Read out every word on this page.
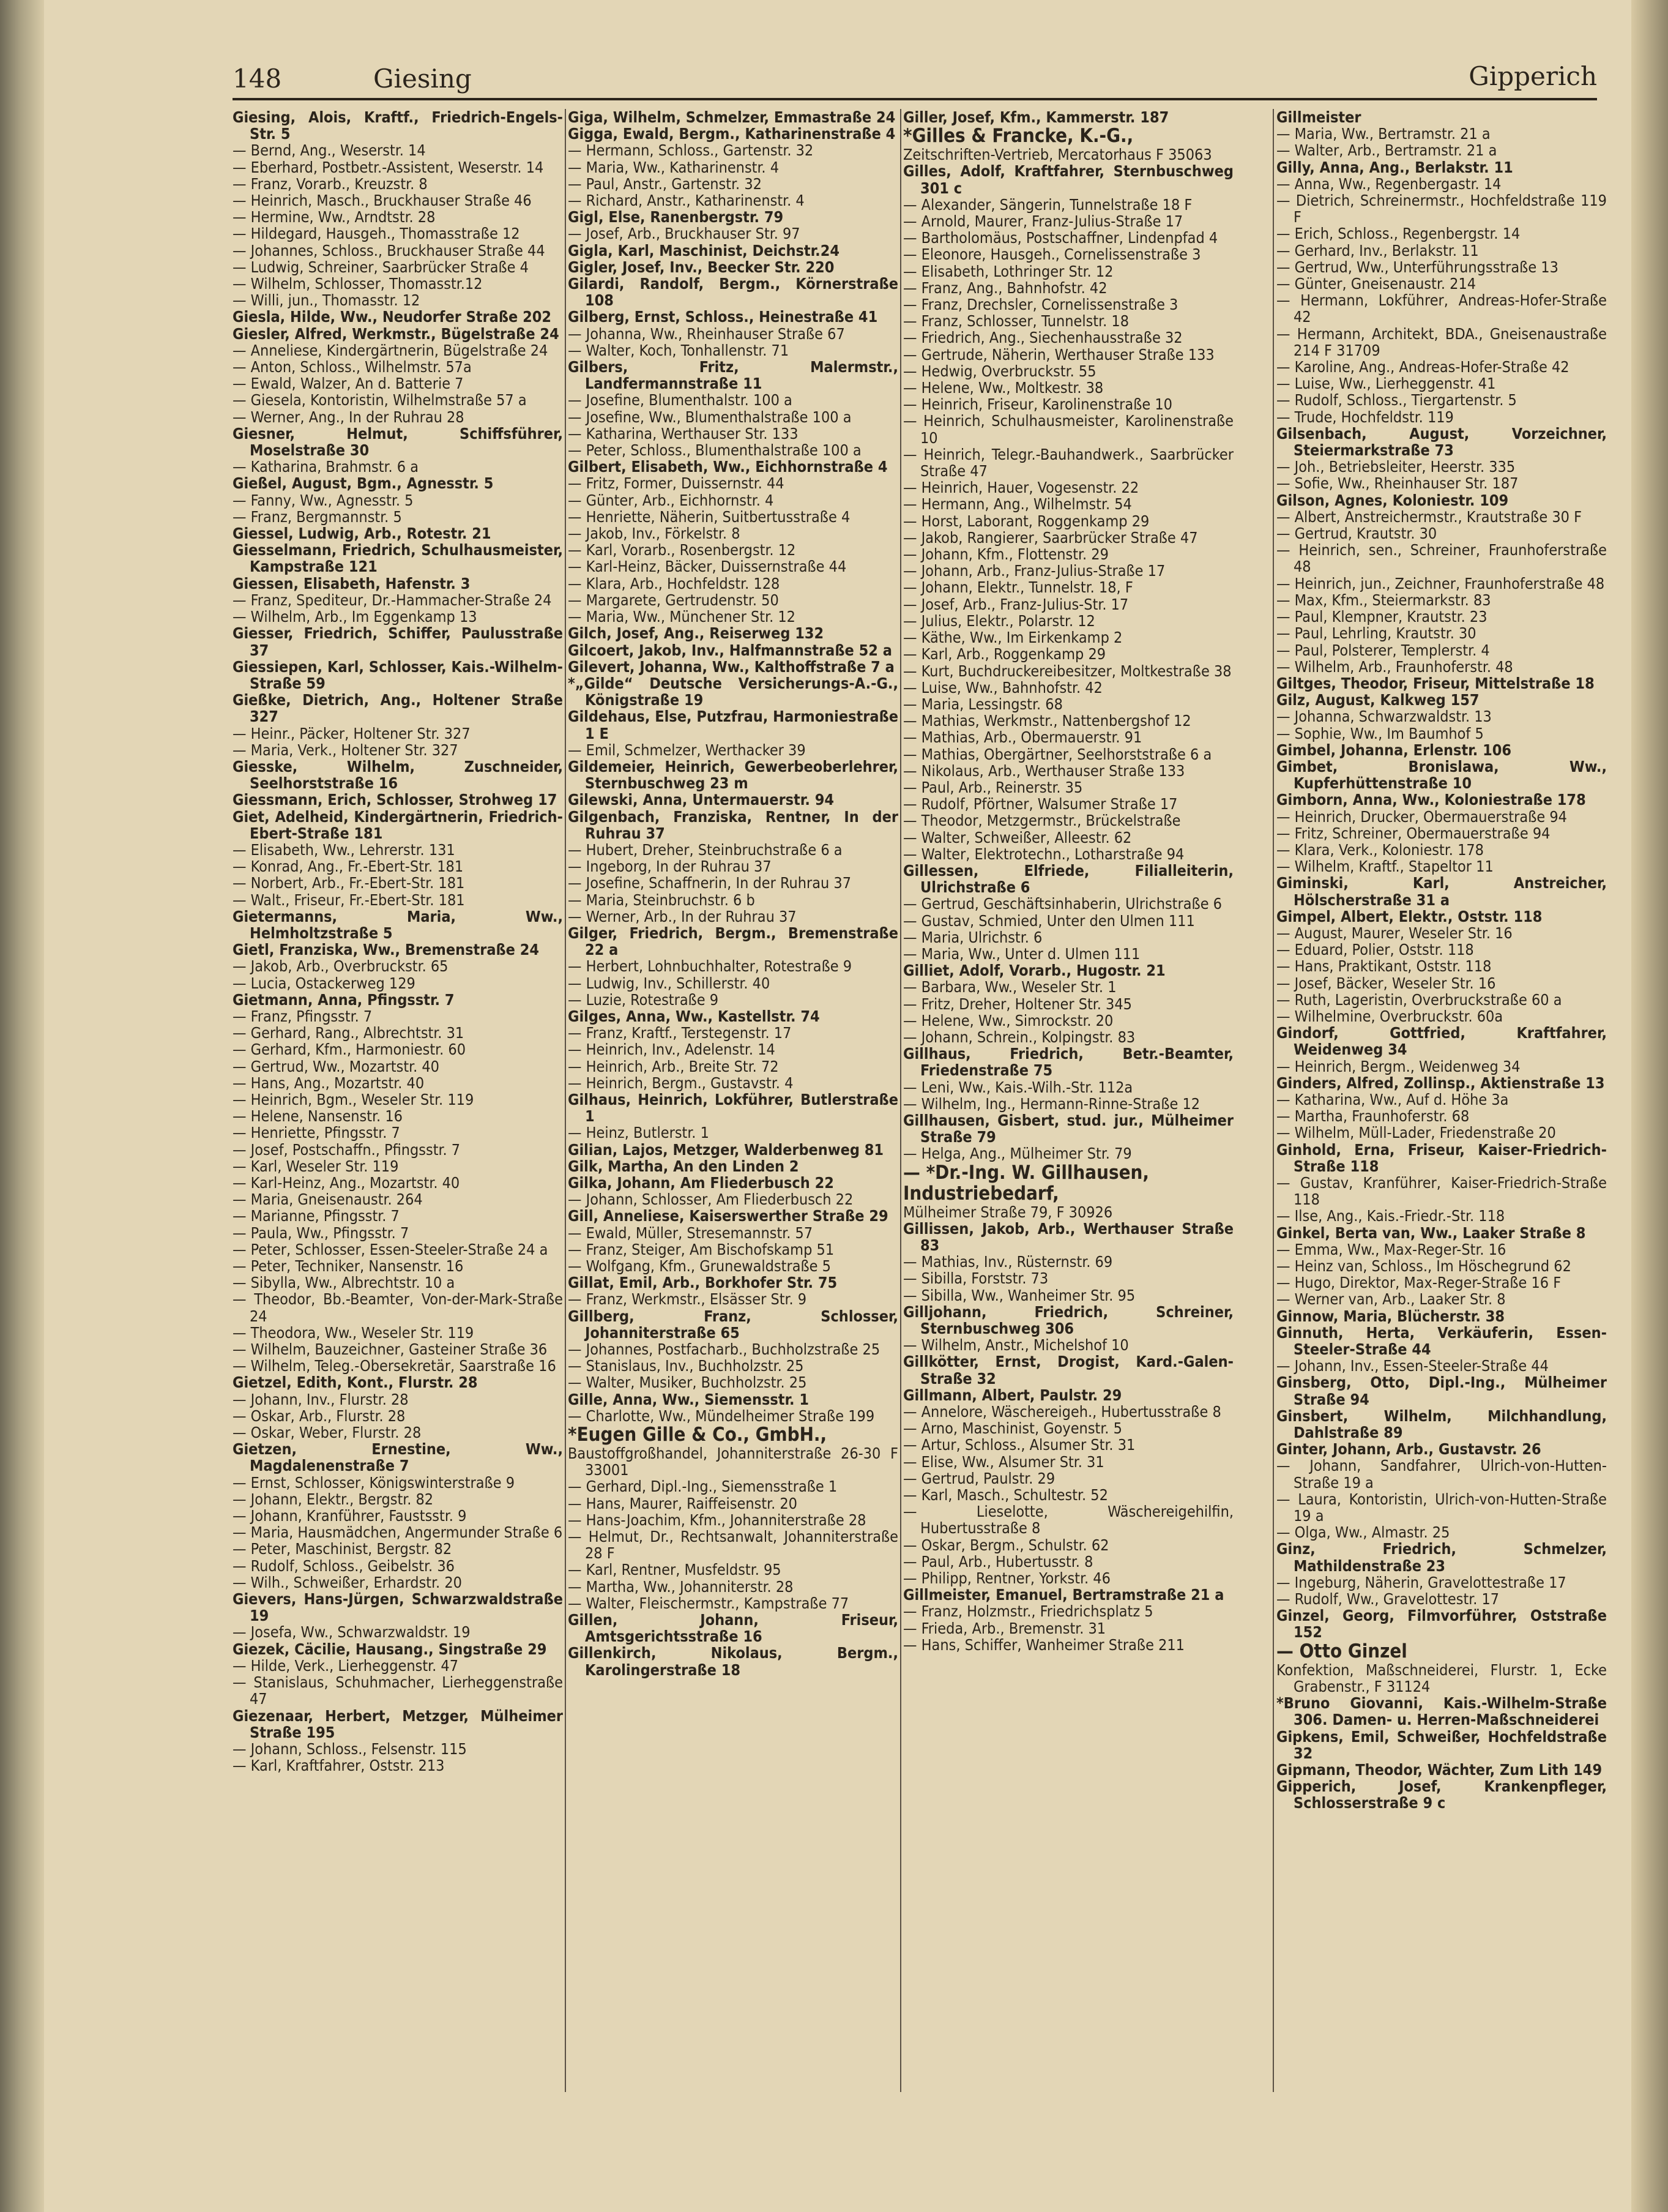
148	Giesing	Gipperich
Giesing, Alois, Kraftf., Friedrich-Engels-Str. 5
— Bernd, Ang., Weserstr. 14
— Eberhard, Postbetr.-Assistent, Weserstr. 14
— Franz, Vorarb., Kreuzstr. 8
— Heinrich, Masch., Bruckhauser Straße 46
— Hermine, Ww., Arndtstr. 28
— Hildegard, Hausgeh., Thomasstraße 12
— Johannes, Schloss., Bruckhauser Straße 44
— Ludwig, Schreiner, Saarbrücker Straße 4
— Wilhelm, Schlosser, Thomasstr.12
— Willi, jun., Thomasstr. 12
Giesla, Hilde, Ww., Neudorfer Straße 202
Giesler, Alfred, Werkmstr., Bügelstraße 24
— Anneliese, Kindergärtnerin, Bügelstraße 24
— Anton, Schloss., Wilhelmstr. 57a
— Ewald, Walzer, An d. Batterie 7
— Giesela, Kontoristin, Wilhelmstraße 57 a
— Werner, Ang., In der Ruhrau 28
Giesner, Helmut, Schiffsführer, Moselstraße 30
— Katharina, Brahmstr. 6 a
Gießel, August, Bgm., Agnesstr. 5
— Fanny, Ww., Agnesstr. 5
— Franz, Bergmannstr. 5
Giessel, Ludwig, Arb., Rotestr. 21
Giesselmann, Friedrich, Schulhausmeister, Kampstraße 121
Giessen, Elisabeth, Hafenstr. 3
— Franz, Spediteur, Dr.-Hammacher-Straße 24
— Wilhelm, Arb., Im Eggenkamp 13
Giesser, Friedrich, Schiffer, Paulusstraße 37
Giessiepen, Karl, Schlosser, Kais.-Wilhelm-Straße 59
Gießke, Dietrich, Ang., Holtener Straße 327
— Heinr., Päcker, Holtener Str. 327
— Maria, Verk., Holtener Str. 327
Giesske, Wilhelm, Zuschneider, Seelhorststraße 16
Giessmann, Erich, Schlosser, Strohweg 17
Giet, Adelheid, Kindergärtnerin, Friedrich-Ebert-Straße 181
— Elisabeth, Ww., Lehrerstr. 131
— Konrad, Ang., Fr.-Ebert-Str. 181
— Norbert, Arb., Fr.-Ebert-Str. 181
— Walt., Friseur, Fr.-Ebert-Str. 181
Gietermanns, Maria, Ww., Helmholtzstraße 5
Gietl, Franziska, Ww., Bremenstraße 24
— Jakob, Arb., Overbruckstr. 65
— Lucia, Ostackerweg 129
Gietmann, Anna, Pfingsstr. 7
— Franz, Pfingsstr. 7
— Gerhard, Rang., Albrechtstr. 31
— Gerhard, Kfm., Harmoniestr. 60
— Gertrud, Ww., Mozartstr. 40
— Hans, Ang., Mozartstr. 40
— Heinrich, Bgm., Weseler Str. 119
— Helene, Nansenstr. 16
— Henriette, Pfingsstr. 7
— Josef, Postschaffn., Pfingsstr. 7
— Karl, Weseler Str. 119
— Karl-Heinz, Ang., Mozartstr. 40
— Maria, Gneisenaustr. 264
— Marianne, Pfingsstr. 7
— Paula, Ww., Pfingsstr. 7
— Peter, Schlosser, Essen-Steeler-Straße 24 a
— Peter, Techniker, Nansenstr. 16
— Sibylla, Ww., Albrechtstr. 10 a
— Theodor, Bb.-Beamter, Von-der-Mark-Straße 24
— Theodora, Ww., Weseler Str. 119
— Wilhelm, Bauzeichner, Gasteiner Straße 36
— Wilhelm, Teleg.-Obersekretär, Saarstraße 16
Gietzel, Edith, Kont., Flurstr. 28
— Johann, Inv., Flurstr. 28
— Oskar, Arb., Flurstr. 28
— Oskar, Weber, Flurstr. 28
Gietzen, Ernestine, Ww., Magdalenenstraße 7
— Ernst, Schlosser, Königswinterstraße 9
— Johann, Elektr., Bergstr. 82
— Johann, Kranführer, Faustsstr. 9
— Maria, Hausmädchen, Angermunder Straße 6
— Peter, Maschinist, Bergstr. 82
— Rudolf, Schloss., Geibelstr. 36
— Wilh., Schweißer, Erhardstr. 20
Gievers, Hans-Jürgen, Schwarzwaldstraße 19
— Josefa, Ww., Schwarzwaldstr. 19
Giezek, Cäcilie, Hausang., Singstraße 29
— Hilde, Verk., Lierheggenstr. 47
— Stanislaus, Schuhmacher, Lierheggenstraße 47
Giezenaar, Herbert, Metzger, Mülheimer Straße 195
— Johann, Schloss., Felsenstr. 115
— Karl, Kraftfahrer, Oststr. 213
Giga, Wilhelm, Schmelzer, Emmastraße 24
Gigga, Ewald, Bergm., Katharinenstraße 4
— Hermann, Schloss., Gartenstr. 32
— Maria, Ww., Katharinenstr. 4
— Paul, Anstr., Gartenstr. 32
— Richard, Anstr., Katharinenstr. 4
Gigl, Else, Ranenbergstr. 79
— Josef, Arb., Bruckhauser Str. 97
Gigla, Karl, Maschinist, Deichstr.24
Gigler, Josef, Inv., Beecker Str. 220
Gilardi, Randolf, Bergm., Körnerstraße 108
Gilberg, Ernst, Schloss., Heinestraße 41
— Johanna, Ww., Rheinhauser Straße 67
— Walter, Koch, Tonhallenstr. 71
Gilbers, Fritz, Malermstr., Landfermannstraße 11
— Josefine, Blumenthalstr. 100 a
— Josefine, Ww., Blumenthalstraße 100 a
— Katharina, Werthauser Str. 133
— Peter, Schloss., Blumenthalstraße 100 a
Gilbert, Elisabeth, Ww., Eichhornstraße 4
— Fritz, Former, Duissernstr. 44
— Günter, Arb., Eichhornstr. 4
— Henriette, Näherin, Suitbertusstraße 4
— Jakob, Inv., Förkelstr. 8
— Karl, Vorarb., Rosenbergstr. 12
— Karl-Heinz, Bäcker, Duissernstraße 44
— Klara, Arb., Hochfeldstr. 128
— Margarete, Gertrudenstr. 50
— Maria, Ww., Münchener Str. 12
Gilch, Josef, Ang., Reiserweg 132
Gilcoert, Jakob, Inv., Halfmannstraße 52 a
Gilevert, Johanna, Ww., Kalthoffstraße 7 a
*„Gilde“ Deutsche Versicherungs-A.-G., Königstraße 19
Gildehaus, Else, Putzfrau, Harmoniestraße 1 E
— Emil, Schmelzer, Werthacker 39
Gildemeier, Heinrich, Gewerbeoberlehrer, Sternbuschweg 23 m
Gilewski, Anna, Untermauerstr. 94
Gilgenbach, Franziska, Rentner, In der Ruhrau 37
— Hubert, Dreher, Steinbruchstraße 6 a
— Ingeborg, In der Ruhrau 37
— Josefine, Schaffnerin, In der Ruhrau 37
— Maria, Steinbruchstr. 6 b
— Werner, Arb., In der Ruhrau 37
Gilger, Friedrich, Bergm., Bremenstraße 22 a
— Herbert, Lohnbuchhalter, Rotestraße 9
— Ludwig, Inv., Schillerstr. 40
— Luzie, Rotestraße 9
Gilges, Anna, Ww., Kastellstr. 74
— Franz, Kraftf., Terstegenstr. 17
— Heinrich, Inv., Adelenstr. 14
— Heinrich, Arb., Breite Str. 72
— Heinrich, Bergm., Gustavstr. 4
Gilhaus, Heinrich, Lokführer, Butlerstraße 1
— Heinz, Butlerstr. 1
Gilian, Lajos, Metzger, Walderbenweg 81
Gilk, Martha, An den Linden 2
Gilka, Johann, Am Fliederbusch 22
— Johann, Schlosser, Am Fliederbusch 22
Gill, Anneliese, Kaiserswerther Straße 29
— Ewald, Müller, Stresemannstr. 57
— Franz, Steiger, Am Bischofskamp 51
— Wolfgang, Kfm., Grunewaldstraße 5
Gillat, Emil, Arb., Borkhofer Str. 75
— Franz, Werkmstr., Elsässer Str. 9
Gillberg, Franz, Schlosser, Johanniterstraße 65
— Johannes, Postfacharb., Buchholzstraße 25
— Stanislaus, Inv., Buchholzstr. 25
— Walter, Musiker, Buchholzstr. 25
Gille, Anna, Ww., Siemensstr. 1
— Charlotte, Ww., Mündelheimer Straße 199
*Eugen Gille & Co., GmbH.,
Baustoffgroßhandel, Johanniterstraße 26-30 F 33001
— Gerhard, Dipl.-Ing., Siemensstraße 1
— Hans, Maurer, Raiffeisenstr. 20
— Hans-Joachim, Kfm., Johanniterstraße 28
— Helmut, Dr., Rechtsanwalt, Johanniterstraße 28 F
— Karl, Rentner, Musfeldstr. 95
— Martha, Ww., Johanniterstr. 28
— Walter, Fleischermstr., Kampstraße 77
Gillen, Johann, Friseur, Amtsgerichtsstraße 16
Gillenkirch, Nikolaus, Bergm., Karolingerstraße 18
Giller, Josef, Kfm., Kammerstr. 187
*Gilles & Francke, K.-G.,
Zeitschriften-Vertrieb, Mercatorhaus F 35063
Gilles, Adolf, Kraftfahrer, Sternbuschweg 301 c
— Alexander, Sängerin, Tunnelstraße 18 F
— Arnold, Maurer, Franz-Julius-Straße 17
— Bartholomäus, Postschaffner, Lindenpfad 4
— Eleonore, Hausgeh., Cornelissenstraße 3
— Elisabeth, Lothringer Str. 12
— Franz, Ang., Bahnhofstr. 42
— Franz, Drechsler, Cornelissenstraße 3
— Franz, Schlosser, Tunnelstr. 18
— Friedrich, Ang., Siechenhausstraße 32
— Gertrude, Näherin, Werthauser Straße 133
— Hedwig, Overbruckstr. 55
— Helene, Ww., Moltkestr. 38
— Heinrich, Friseur, Karolinenstraße 10
— Heinrich, Schulhausmeister, Karolinenstraße 10
— Heinrich, Telegr.-Bauhandwerk., Saarbrücker Straße 47
— Heinrich, Hauer, Vogesenstr. 22
— Hermann, Ang., Wilhelmstr. 54
— Horst, Laborant, Roggenkamp 29
— Jakob, Rangierer, Saarbrücker Straße 47
— Johann, Kfm., Flottenstr. 29
— Johann, Arb., Franz-Julius-Straße 17
— Johann, Elektr., Tunnelstr. 18, F
— Josef, Arb., Franz-Julius-Str. 17
— Julius, Elektr., Polarstr. 12
— Käthe, Ww., Im Eirkenkamp 2
— Karl, Arb., Roggenkamp 29
— Kurt, Buchdruckereibesitzer, Moltkestraße 38
— Luise, Ww., Bahnhofstr. 42
— Maria, Lessingstr. 68
— Mathias, Werkmstr., Nattenbergshof 12
— Mathias, Arb., Obermauerstr. 91
— Mathias, Obergärtner, Seelhorststraße 6 a
— Nikolaus, Arb., Werthauser Straße 133
— Paul, Arb., Reinerstr. 35
— Rudolf, Pförtner, Walsumer Straße 17
— Theodor, Metzgermstr., Brückelstraße
— Walter, Schweißer, Alleestr. 62
— Walter, Elektrotechn., Lotharstraße 94
Gillessen, Elfriede, Filialleiterin, Ulrichstraße 6
— Gertrud, Geschäftsinhaberin, Ulrichstraße 6
— Gustav, Schmied, Unter den Ulmen 111
— Maria, Ulrichstr. 6
— Maria, Ww., Unter d. Ulmen 111
Gilliet, Adolf, Vorarb., Hugostr. 21
— Barbara, Ww., Weseler Str. 1
— Fritz, Dreher, Holtener Str. 345
— Helene, Ww., Simrockstr. 20
— Johann, Schrein., Kolpingstr. 83
Gillhaus, Friedrich, Betr.-Beamter, Friedenstraße 75
— Leni, Ww., Kais.-Wilh.-Str. 112a
— Wilhelm, Ing., Hermann-Rinne-Straße 12
Gillhausen, Gisbert, stud. jur., Mülheimer Straße 79
— Helga, Ang., Mülheimer Str. 79
— *Dr.-Ing. W. Gillhausen,
Industriebedarf,
Mülheimer Straße 79, F 30926
Gillissen, Jakob, Arb., Werthauser Straße 83
— Mathias, Inv., Rüsternstr. 69
— Sibilla, Forststr. 73
— Sibilla, Ww., Wanheimer Str. 95
Gilljohann, Friedrich, Schreiner, Sternbuschweg 306
— Wilhelm, Anstr., Michelshof 10
Gillkötter, Ernst, Drogist, Kard.-Galen-Straße 32
Gillmann, Albert, Paulstr. 29
— Annelore, Wäschereigeh., Hubertusstraße 8
— Arno, Maschinist, Goyenstr. 5
— Artur, Schloss., Alsumer Str. 31
— Elise, Ww., Alsumer Str. 31
— Gertrud, Paulstr. 29
— Karl, Masch., Schultestr. 52
— Lieselotte, Wäschereigehilfin, Hubertusstraße 8
— Oskar, Bergm., Schulstr. 62
— Paul, Arb., Hubertusstr. 8
— Philipp, Rentner, Yorkstr. 46
Gillmeister, Emanuel, Bertramstraße 21 a
— Franz, Holzmstr., Friedrichsplatz 5
— Frieda, Arb., Bremenstr. 31
— Hans, Schiffer, Wanheimer Straße 211
Gillmeister
— Maria, Ww., Bertramstr. 21 a
— Walter, Arb., Bertramstr. 21 a
Gilly, Anna, Ang., Berlakstr. 11
— Anna, Ww., Regenbergastr. 14
— Dietrich, Schreinermstr., Hochfeldstraße 119 F
— Erich, Schloss., Regenbergstr. 14
— Gerhard, Inv., Berlakstr. 11
— Gertrud, Ww., Unterführungsstraße 13
— Günter, Gneisenaustr. 214
— Hermann, Lokführer, Andreas-Hofer-Straße 42
— Hermann, Architekt, BDA., Gneisenaustraße 214 F 31709
— Karoline, Ang., Andreas-Hofer-Straße 42
— Luise, Ww., Lierheggenstr. 41
— Rudolf, Schloss., Tiergartenstr. 5
— Trude, Hochfeldstr. 119
Gilsenbach, August, Vorzeichner, Steiermarkstraße 73
— Joh., Betriebsleiter, Heerstr. 335
— Sofie, Ww., Rheinhauser Str. 187
Gilson, Agnes, Koloniestr. 109
— Albert, Anstreichermstr., Krautstraße 30 F
— Gertrud, Krautstr. 30
— Heinrich, sen., Schreiner, Fraunhoferstraße 48
— Heinrich, jun., Zeichner, Fraunhoferstraße 48
— Max, Kfm., Steiermarkstr. 83
— Paul, Klempner, Krautstr. 23
— Paul, Lehrling, Krautstr. 30
— Paul, Polsterer, Templerstr. 4
— Wilhelm, Arb., Fraunhoferstr. 48
Giltges, Theodor, Friseur, Mittelstraße 18
Gilz, August, Kalkweg 157
— Johanna, Schwarzwaldstr. 13
— Sophie, Ww., Im Baumhof 5
Gimbel, Johanna, Erlenstr. 106
Gimbet, Bronislawa, Ww., Kupferhüttenstraße 10
Gimborn, Anna, Ww., Koloniestraße 178
— Heinrich, Drucker, Obermauerstraße 94
— Fritz, Schreiner, Obermauerstraße 94
— Klara, Verk., Koloniestr. 178
— Wilhelm, Kraftf., Stapeltor 11
Giminski, Karl, Anstreicher, Hölscherstraße 31 a
Gimpel, Albert, Elektr., Oststr. 118
— August, Maurer, Weseler Str. 16
— Eduard, Polier, Oststr. 118
— Hans, Praktikant, Oststr. 118
— Josef, Bäcker, Weseler Str. 16
— Ruth, Lageristin, Overbruckstraße 60 a
— Wilhelmine, Overbruckstr. 60a
Gindorf, Gottfried, Kraftfahrer, Weidenweg 34
— Heinrich, Bergm., Weidenweg 34
Ginders, Alfred, Zollinsp., Aktienstraße 13
— Katharina, Ww., Auf d. Höhe 3a
— Martha, Fraunhoferstr. 68
— Wilhelm, Müll-Lader, Friedenstraße 20
Ginhold, Erna, Friseur, Kaiser-Friedrich-Straße 118
— Gustav, Kranführer, Kaiser-Friedrich-Straße 118
— Ilse, Ang., Kais.-Friedr.-Str. 118
Ginkel, Berta van, Ww., Laaker Straße 8
— Emma, Ww., Max-Reger-Str. 16
— Heinz van, Schloss., Im Höschegrund 62
— Hugo, Direktor, Max-Reger-Straße 16 F
— Werner van, Arb., Laaker Str. 8
Ginnow, Maria, Blücherstr. 38
Ginnuth, Herta, Verkäuferin, Essen-Steeler-Straße 44
— Johann, Inv., Essen-Steeler-Straße 44
Ginsberg, Otto, Dipl.-Ing., Mülheimer Straße 94
Ginsbert, Wilhelm, Milchhandlung, Dahlstraße 89
Ginter, Johann, Arb., Gustavstr. 26
— Johann, Sandfahrer, Ulrich-von-Hutten-Straße 19 a
— Laura, Kontoristin, Ulrich-von-Hutten-Straße 19 a
— Olga, Ww., Almastr. 25
Ginz, Friedrich, Schmelzer, Mathildenstraße 23
— Ingeburg, Näherin, Gravelottestraße 17
— Rudolf, Ww., Gravelottestr. 17
Ginzel, Georg, Filmvorführer, Oststraße 152
— Otto Ginzel
Konfektion, Maßschneiderei, Flurstr. 1, Ecke Grabenstr., F 31124
*Bruno Giovanni, Kais.-Wilhelm-Straße 306. Damen- u. Herren-Maßschneiderei
Gipkens, Emil, Schweißer, Hochfeldstraße 32
Gipmann, Theodor, Wächter, Zum Lith 149
Gipperich, Josef, Krankenpfleger, Schlosserstraße 9 c
